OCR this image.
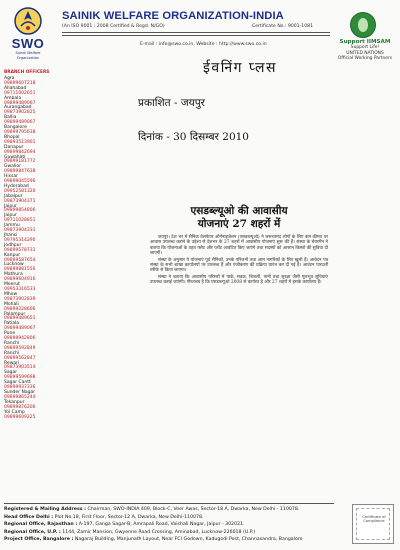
SWO
Sainik Welfare Organization
SAINIK WELFARE ORGANIZATION-INDIA
(An ISO 9001 : 2008 Certified & Regd. N/GO)	Certificate No.: 9001-1081
E-mail : info@swo.co.in, Website : http://www.swo.co.in	Support IIMSAM
Support Life!
UNITED NATIONS
Official Working Partners
BRANCH OFFICERS
Agra
09899607218
Allahabad
09711002651
Ambala
09899489067
Aurangabad
09873902825
Ballia
09899489067
Bangalore
09899795638
Bhopal
09893513901
Danapur
09899842694
Guwahati
09899181772
Gwalior
09899847638
Hissar
09899045596
Hyderabad
09952581320
Jabalpur
09873904371
Jaipur
09899854806
Jaipur
09711028851
Jammu
09873904331
Jhansi
09795314290
Jodhpur
09899578731
Kanpur
09899587654
Lucknow
09899881556
Mathura
09899604916
Meerut
09953316533
Mhow
09873902839
Mohali
09899228606
Palampur
09899489651
Patiala
09899489067
Pune
09899942806
Ranchi
09899592849
Ranchi
09899562847
Rewari
09873903514
Sagar
09899599698
Sagar Cantt
09899937336
Sunder Nagar
09899865244
Tekanpur
09899876206
Yol Camp
09899609225
ईवनिंग प्लस
प्रकाशित - जयपुर
दिनांक - 30 दिसम्बर 2010
एसडब्ल्यूओ की आवासीय
योजनाएं 27 शहरों में

जयपुर। देश भर में सैनिक वेलफेयर ऑर्गनाइजेशन (एसडब्ल्यूओ) ने जरूरतमंद लोगों के लिए कम कीमत पर आवास उपलब्ध कराने के उद्देश्य से देशभर के 27 शहरों में आवासीय योजनाएं शुरू की हैं। संस्था के चेयरमैन ने बताया कि योजनाओं के तहत फ्लैट और प्लॉट आवंटित किए जाएंगे तथा सदस्यों को आसान किस्तों की सुविधा दी जाएगी।

संस्था के अनुसार ये योजनाएं पूर्व सैनिकों, उनके परिजनों तथा आम नागरिकों के लिए खुली हैं। आवेदन पत्र संस्था के सभी शाखा कार्यालयों पर उपलब्ध हैं और पंजीकरण की प्रक्रिया प्रारंभ कर दी गई है। आवंटन पारदर्शी तरीके से किया जाएगा।

संस्था ने बताया कि आवासीय परिसरों में पार्क, सड़क, बिजली, पानी तथा सुरक्षा जैसी मूलभूत सुविधाएं उपलब्ध कराई जाएंगी। गौरतलब है कि एसडब्ल्यूओ 2008 से कार्यरत है और 27 शहरों में इसके कार्यालय हैं।

Registered & Mailing Address : Chairman, SWO-INDIA 409, Block-C, Veer Awas, Sector-18 A, Dwarka, New Delhi - 110078.
Head Office Delhi : Plot No.18, First Floor, Sector-12 A, Dwarka, New Delhi-110078.
Regional Office, Rajasthan : A-197, Ganga Sagar-B, Amrapali Road, Vaishali Nagar, Jaipur - 302021.
Regional Office, U.P. : 1144, Zamir Mansion, Gwyenne Road Crossing, Aminabad, Lucknow-226018 (U.P.)
Project Office, Bangalore : Nagaraj Building, Manjunath Layout, Near FCI Godown, Kadugodi Post, Channasandra, Bangalore
Certificate of Compliance
